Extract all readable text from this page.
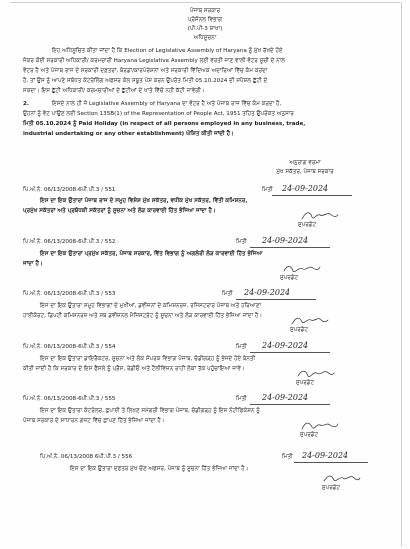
ਪੰਜਾਬ ਸਰਕਾਰ
ਪ੍ਰੋਸੋਨਲ ਵਿਭਾਗ
(ਪੀ.ਪੀ-3 ਸ਼ਾਖਾ)
ਅਧਿਸੂਚਨਾ
ਇਹ ਅਧਿਸੂਚਿਤ ਕੀਤਾ ਜਾਂਦਾ ਹੈ ਕਿ Election of Legislative Assembly of Haryana ਨੂੰ ਮੁੱਖ ਰੱਖਦੇ ਹੋਏ
ਜੋਕਰ ਕੋਈ ਸਰਕਾਰੀ ਅਧਿਕਾਰੀ/ ਕਰਮਚਾਰੀ Haryana Legislative Assembly ਲਈ ਵਰਤੀ ਜਾਣ ਵਾਲੀ ਵੋਟਰ ਸੂਚੀ ਦੇ ਨਾਲ
ਵੋਟਰ ਹੈ ਅਤੇ ਪੰਜਾਬ ਰਾਜ ਦੇ ਸਰਕਾਰੀ ਦਫ਼ਤਰਾਂ, ਬੋਰਡਾਂ/ਕਾਰਪੋਰੇਸ਼ਨਾਂ ਅਤੇ ਸਰਕਾਰੀ ਵਿੱਦਿਅਕ ਅਦਾਰਿਆਂ ਵਿੱਚ ਕੰਮ ਕਰਦਾ
ਹੈ, ਤਾਂ ਉਸ ਨੂੰ ਆਪਣੇ ਸਬੰਧਤ ਕੰਟਰੋਲਿੰਗ ਅਫਸਰ ਕੋਲ ਸਬੂਤ ਪੇਸ਼ ਕਰਨ ਉਪਰੰਤ ਮਿਤੀ 05.10.2024 ਦੀ ਸਪੈਸ਼ਲ ਛੁੱਟੀ ਦੇ
ਸਕਦਾ। ਇਸ ਛੁੱਟੀ ਅਧਿਕਾਰੀ/ ਕਰਮਚਾਰੀਆਂ ਦੇ ਛੁੱਟੀਆਂ ਦੇ ਖਾਤੇ ਵਿੱਚੋਂ ਨਹੀਂ ਕੱਟੀ ਜਾਵੇਗੀ।
2.	ਇਸਦੇ ਨਾਲ ਹੀ ਜੋ Legislative Assembly of Haryana ਦਾ ਵੋਟਰ ਹੈ ਅਤੇ ਪੰਜਾਬ ਰਾਜ ਵਿੱਚ ਕੰਮ ਕਰਦਾ ਹੈ,
ਉਹਨਾਂ ਨੂੰ ਵੋਟ ਪਾਉਣ ਲਈ Section 135B(1) of the Representation of People Act, 1951 ਤਹਿਤ ਉਪਰੋਕਤ ਅਨੁਸਾਰ
ਮਿਤੀ 05.10.2024 ਨੂੰ Paid Holiday (in respect of all persons employed in any business, trade,
industrial undertaking or any other establishment) ਘੋਸ਼ਿਤ ਕੀਤੀ ਜਾਂਦੀ ਹੈ।
ਅਨੁਰਾਗ ਵਰਮਾ
ਮੁੱਖ ਸਕੱਤਰ, ਪੰਜਾਬ ਸਰਕਾਰ
ਪਿ.ਅੰ.ਨੰ. 06/13/2008-6ਪੀ.ਪੀ.3 / 551	ਮਿਤੀ 24-09-2024
ਇਸ ਦਾ ਇਕ ਉਤਾਰਾ ਪੰਜਾਬ ਰਾਜ ਦੇ ਸਮੂਹ ਵਿਸ਼ੇਸ਼ ਮੁੱਖ ਸਕੱਤਰ, ਵਧੀਕ ਮੁੱਖ ਸਕੱਤਰ, ਵਿੱਤੀ ਕਮਿਸ਼ਨਰ,
ਪ੍ਰਮੁੱਖ ਸਕੱਤਰਾਂ ਅਤੇ ਪ੍ਰਬੰਧਕੀ ਸਕੱਤਰਾਂ ਨੂੰ ਸੂਚਨਾ ਅਤੇ ਲੋੜ ਕਾਰਵਾਈ ਹਿੱਤ ਭੇਜਿਆ ਜਾਂਦਾ ਹੈ।
ਸੁਪਰਡੰਟ
ਪਿ.ਅੰ.ਨੰ. 06/13/2008-6ਪੀ.ਪੀ.3 / 552	ਮਿਤੀ 24-09-2024
ਇਸ ਦਾ ਇਕ ਉਤਾਰਾ ਪ੍ਰਮੁੱਖ ਸਕੱਤਰ, ਪੰਜਾਬ ਸਰਕਾਰ, ਵਿੱਤ ਵਿਭਾਗ ਨੂੰ ਅਗਲੇਰੀ ਲੋੜ ਕਾਰਵਾਈ ਹਿੱਤ ਭੇਜਿਆ
ਜਾਂਦਾ ਹੈ।
ਸੁਪਰਡੰਟ
ਪਿ.ਅੰ.ਨੰ. 06/13/2008-6ਪੀ.ਪੀ.3 / 553	ਮਿਤੀ 24-09-2024
ਇਸ ਦਾ ਇਕ ਉਤਾਰਾ ਸਮੂਹ ਵਿਭਾਗਾਂ ਦੇ ਮੁਖੀਆਂ, ਡਵੀਜ਼ਨਾਂ ਦੇ ਕਮਿਸ਼ਨਰਜ਼, ਰਜਿਸਟਰਾਰ ਪੰਜਾਬ ਅਤੇ ਹਰਿਆਣਾ
ਹਾਈਕੋਰਟ, ਡਿਪਟੀ ਕਮਿਸ਼ਨਰਜ਼ ਅਤੇ ਸਬ ਡਵੀਜ਼ਨਲ ਮੈਜਿਸਟ੍ਰੇਟ ਨੂੰ ਸੂਚਨਾ ਅਤੇ ਲੋੜ ਕਾਰਵਾਈ ਹਿੱਤ ਭੇਜਿਆ ਜਾਂਦਾ ਹੈ।
ਸੁਪਰਡੰਟ
ਪਿ.ਅੰ.ਨੰ. 06/13/2008-6ਪੀ.ਪੀ.3 / 554	ਮਿਤੀ 24-09-2024
ਇਸ ਦਾ ਇਕ ਉਤਾਰਾ ਡਾਇਰੈਕਟਰ, ਸੂਚਨਾ ਅਤੇ ਲੋਕ ਸੰਪਰਕ ਵਿਭਾਗ ਪੰਜਾਬ, ਚੰਡੀਗੜ੍ਹ ਨੂੰ ਭੇਜਦੇ ਹੋਏ ਬੇਨਤੀ
ਕੀਤੀ ਜਾਂਦੀ ਹੈ ਕਿ ਸਰਕਾਰ ਦੇ ਇਸ ਫੈਸਲੇ ਨੂੰ ਪ੍ਰੈਸ, ਰੇਡੀਓ ਅਤੇ ਟੈਲੀਵਿਜ਼ਨ ਰਾਹੀਂ ਲੋਕਾਂ ਤੱਕ ਪਹੁੰਚਾਇਆ ਜਾਵੇ।
ਸੁਪਰਡੰਟ
ਪਿ.ਅੰ.ਨੰ. 06/13/2008-6ਪੀ.ਪੀ.3 / 555	ਮਿਤੀ 24-09-2024
ਇਸ ਦਾ ਇਕ ਉਤਾਰਾ ਕੰਟਰੋਲਰ, ਛਪਾਈ ਤੇ ਲਿਖਣ ਸਮੱਗਰੀ ਵਿਭਾਗ ਪੰਜਾਬ, ਚੰਡੀਗੜ੍ਹ ਨੂੰ ਇਸ ਨੋਟੀਫਿਕੇਸ਼ਨ ਨੂੰ
ਪੰਜਾਬ ਸਰਕਾਰ ਦੇ ਸਾਧਾਰਨ ਗਜ਼ਟ ਵਿੱਚ ਛਾਪਣ ਹਿੱਤ ਭੇਜਿਆ ਜਾਂਦਾ ਹੈ।
ਸੁਪਰਡੰਟ
ਪਿ.ਅੰ.ਨੰ. 06/13/2008 6ਪੀ.ਪੀ.3 / 556	ਮਿਤੀ 24-09-2024
ਇਸ ਦਾ ਇਕ ਉਤਾਰਾ ਦਫ਼ਤਰ ਮੁੱਖ ਚੋਣ ਅਫਸਰ, ਪੰਜਾਬ ਨੂੰ ਸੂਚਨਾ ਹਿੱਤ ਭੇਜਿਆ ਜਾਂਦਾ ਹੈ।
ਸੁਪਰਡੰਟ
